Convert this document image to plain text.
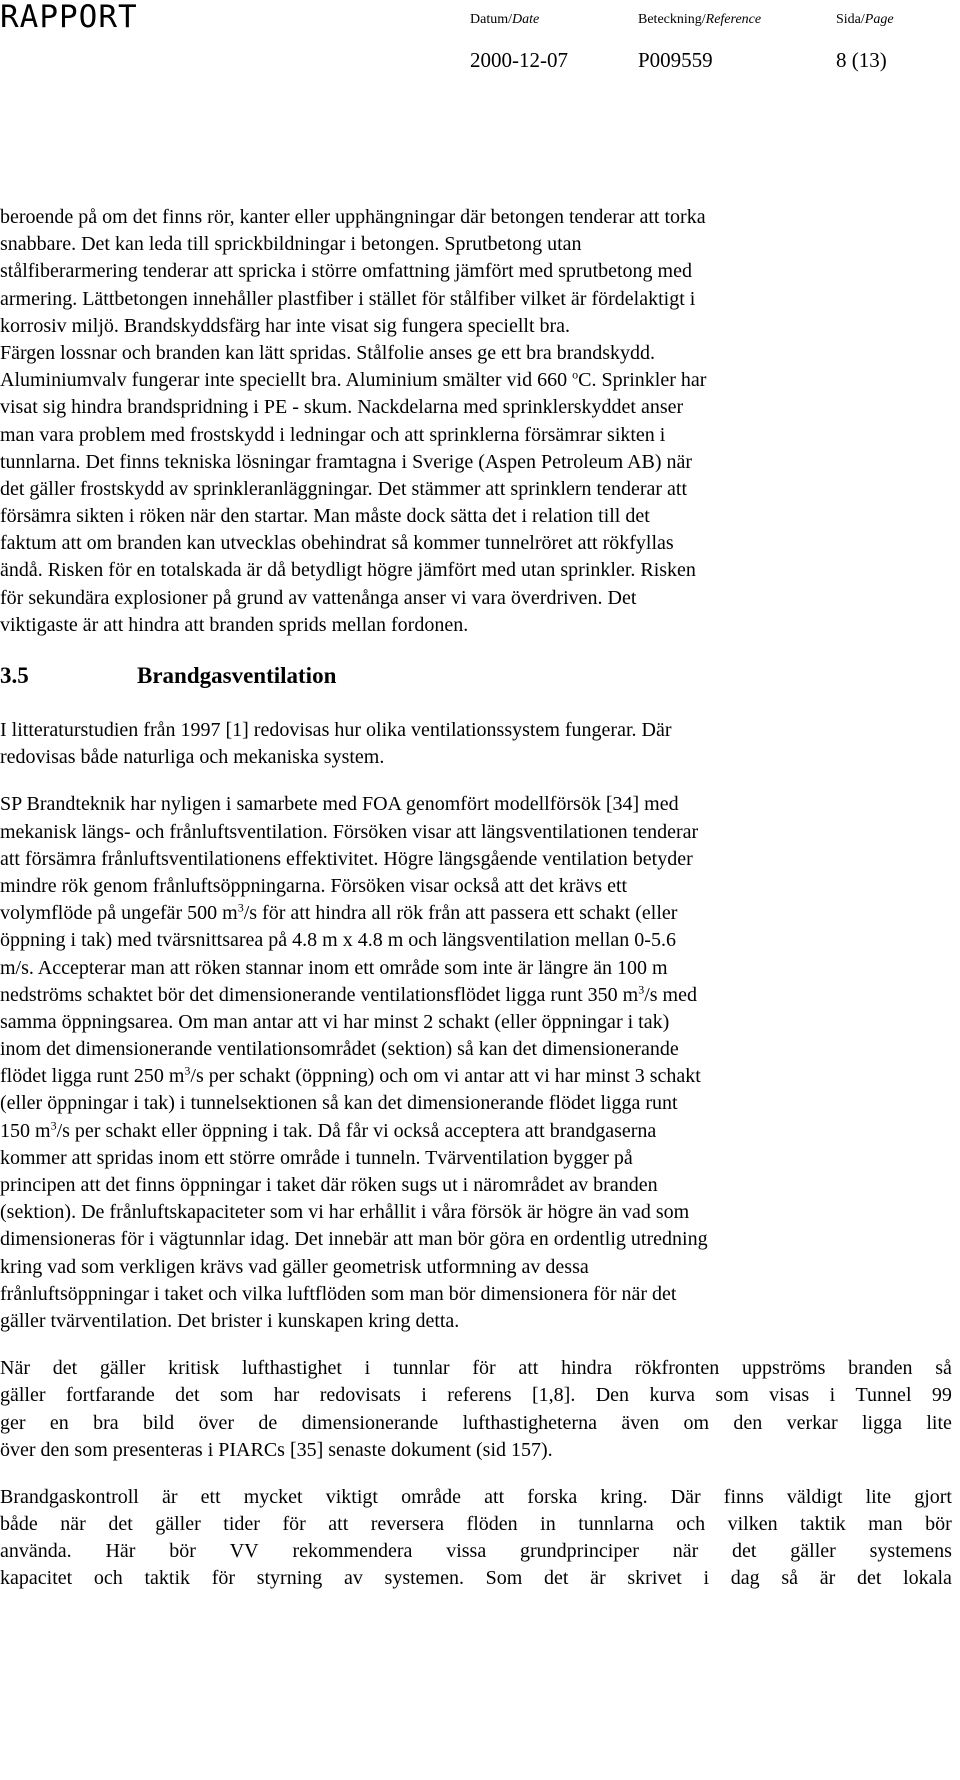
RAPPORT	Datum/Date
2000-12-07
Beteckning/Reference
P009559
Sida/Page
8 (13)
beroende på om det finns rör, kanter eller upphängningar där betongen tenderar att torka
snabbare. Det kan leda till sprickbildningar i betongen. Sprutbetong utan
stålfiberarmering tenderar att spricka i större omfattning jämfört med sprutbetong med
armering. Lättbetongen innehåller plastfiber i stället för stålfiber vilket är fördelaktigt i
korrosiv miljö. Brandskyddsfärg har inte visat sig fungera speciellt bra.
Färgen lossnar och branden kan lätt spridas. Stålfolie anses ge ett bra brandskydd.
Aluminiumvalv fungerar inte speciellt bra. Aluminium smälter vid 660 $^o$C. Sprinkler har
visat sig hindra brandspridning i PE - skum. Nackdelarna med sprinklerskyddet anser
man vara problem med frostskydd i ledningar och att sprinklerna försämrar sikten i
tunnlarna. Det finns tekniska lösningar framtagna i Sverige (Aspen Petroleum AB) när
det gäller frostskydd av sprinkleranläggningar. Det stämmer att sprinklern tenderar att
försämra sikten i röken när den startar. Man måste dock sätta det i relation till det
faktum att om branden kan utvecklas obehindrat så kommer tunnelröret att rökfyllas
ändå. Risken för en totalskada är då betydligt högre jämfört med utan sprinkler. Risken
för sekundära explosioner på grund av vattenånga anser vi vara överdriven. Det
viktigaste är att hindra att branden sprids mellan fordonen.
3.5	Brandgasventilation
I litteraturstudien från 1997 [1] redovisas hur olika ventilationssystem fungerar. Där
redovisas både naturliga och mekaniska system.
SP Brandteknik har nyligen i samarbete med FOA genomfört modellförsök [34] med
mekanisk längs- och frånluftsventilation. Försöken visar att längsventilationen tenderar
att försämra frånluftsventilationens effektivitet. Högre längsgående ventilation betyder
mindre rök genom frånluftsöppningarna. Försöken visar också att det krävs ett
volymflöde på ungefär 500 $m^3/s$ för att hindra all rök från att passera ett schakt (eller
öppning i tak) med tvärsnittsarea på 4.8 m x 4.8 m och längsventilation mellan 0-5.6
m/s. Accepterar man att röken stannar inom ett område som inte är längre än 100 m
nedströms schaktet bör det dimensionerande ventilationsflödet ligga runt 350 $m^3/s$ med
samma öppningsarea. Om man antar att vi har minst 2 schakt (eller öppningar i tak)
inom det dimensionerande ventilationsområdet (sektion) så kan det dimensionerande
flödet ligga runt 250 $m^3/s$ per schakt (öppning) och om vi antar att vi har minst 3 schakt
(eller öppningar i tak) i tunnelsektionen så kan det dimensionerande flödet ligga runt
150 $m^3/s$ per schakt eller öppning i tak. Då får vi också acceptera att brandgaserna
kommer att spridas inom ett större område i tunneln. Tvärventilation bygger på
principen att det finns öppningar i taket där röken sugs ut i närområdet av branden
(sektion). De frånluftskapaciteter som vi har erhållit i våra försök är högre än vad som
dimensioneras för i vägtunnlar idag. Det innebär att man bör göra en ordentlig utredning
kring vad som verkligen krävs vad gäller geometrisk utformning av dessa
frånluftsöppningar i taket och vilka luftflöden som man bör dimensionera för när det
gäller tvärventilation. Det brister i kunskapen kring detta.
När det gäller kritisk lufthastighet i tunnlar för att hindra rökfronten uppströms branden så
gäller fortfarande det som har redovisats i referens [1,8]. Den kurva som visas i Tunnel 99
ger en bra bild över de dimensionerande lufthastigheterna även om den verkar ligga lite
över den som presenteras i PIARCs [35] senaste dokument (sid 157).
Brandgaskontroll är ett mycket viktigt område att forska kring. Där finns väldigt lite gjort
både när det gäller tider för att reversera flöden in tunnlarna och vilken taktik man bör
använda. Här bör VV rekommendera vissa grundprinciper när det gäller systemens
kapacitet och taktik för styrning av systemen. Som det är skrivet i dag så är det lokala
